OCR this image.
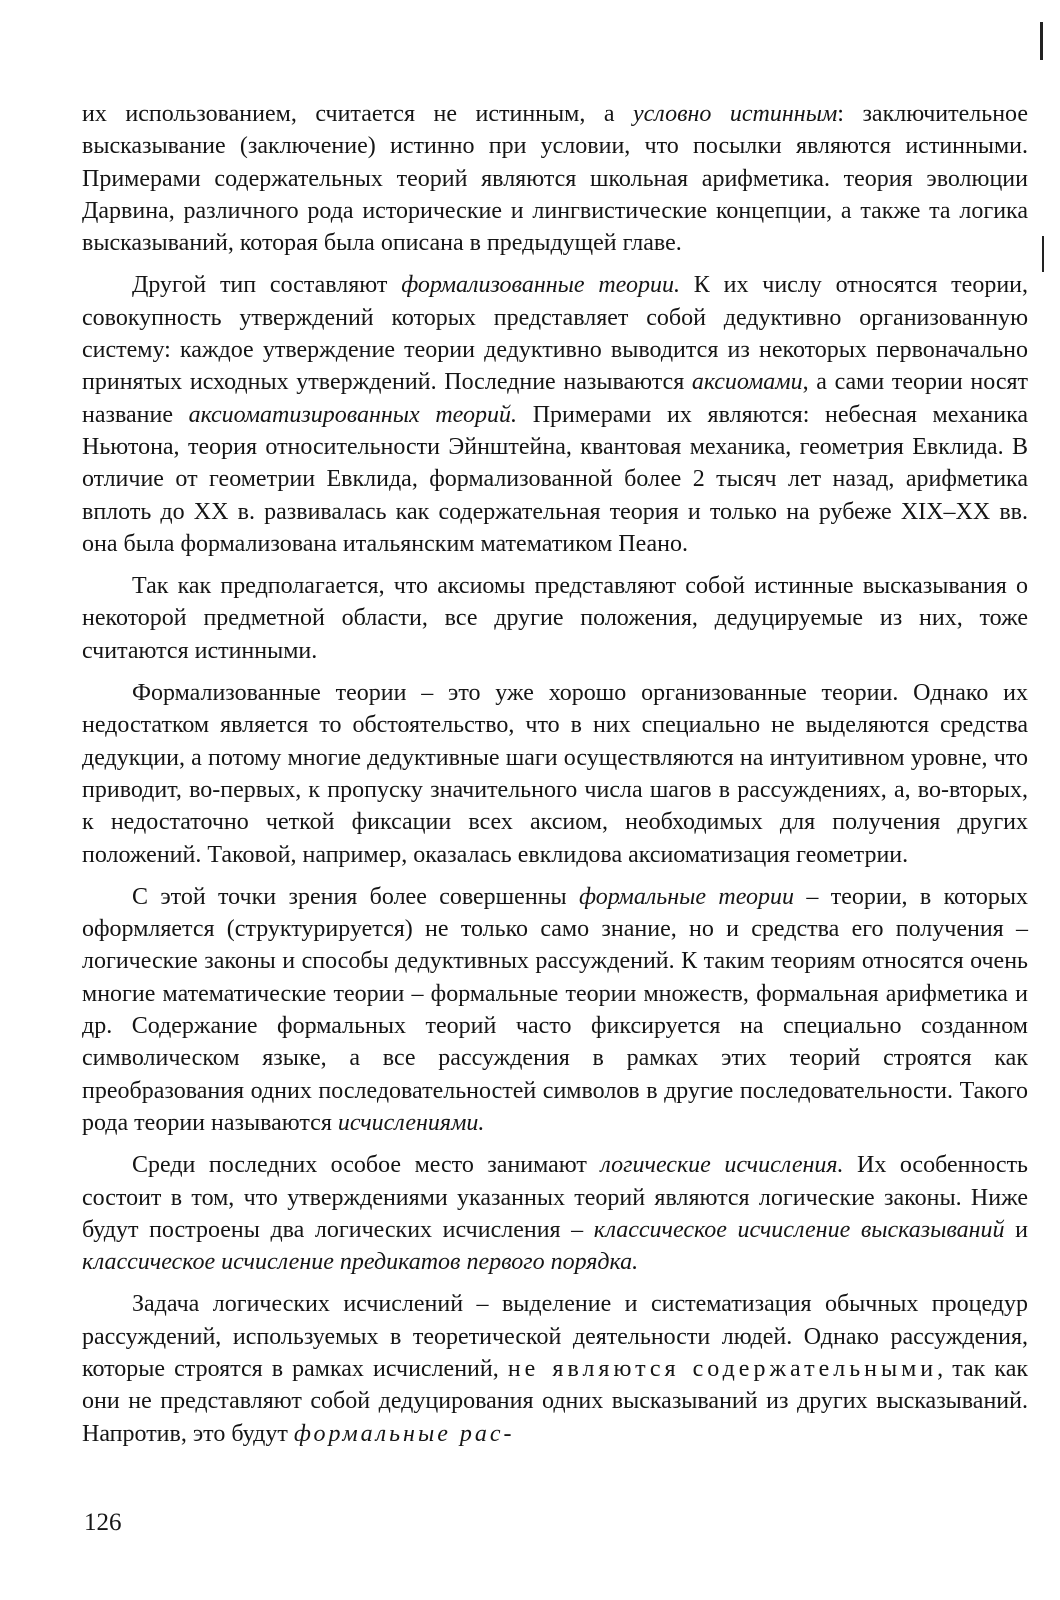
их использованием, считается не истинным, а условно истинным: заключительное высказывание (заключение) истинно при условии, что посылки являются истинными. Примерами содержательных теорий являются школьная арифметика. теория эволюции Дарвина, различного рода исторические и лингвистические концепции, а также та логика высказываний, которая была описана в предыдущей главе.

Другой тип составляют формализованные теории. К их числу относятся теории, совокупность утверждений которых представляет собой дедуктивно организованную систему: каждое утверждение теории дедуктивно выводится из некоторых первоначально принятых исходных утверждений. Последние называются аксиомами, а сами теории носят название аксиоматизированных теорий. Примерами их являются: небесная механика Ньютона, теория относительности Эйнштейна, квантовая механика, геометрия Евклида. В отличие от геометрии Евклида, формализованной более 2 тысяч лет назад, арифметика вплоть до XX в. развивалась как содержательная теория и только на рубеже XIX–XX вв. она была формализована итальянским математиком Пеано.

Так как предполагается, что аксиомы представляют собой истинные высказывания о некоторой предметной области, все другие положения, дедуцируемые из них, тоже считаются истинными.

Формализованные теории – это уже хорошо организованные теории. Однако их недостатком является то обстоятельство, что в них специально не выделяются средства дедукции, а потому многие дедуктивные шаги осуществляются на интуитивном уровне, что приводит, во-первых, к пропуску значительного числа шагов в рассуждениях, а, во-вторых, к недостаточно четкой фиксации всех аксиом, необходимых для получения других положений. Таковой, например, оказалась евклидова аксиоматизация геометрии.

С этой точки зрения более совершенны формальные теории – теории, в которых оформляется (структурируется) не только само знание, но и средства его получения – логические законы и способы дедуктивных рассуждений. К таким теориям относятся очень многие математические теории – формальные теории множеств, формальная арифметика и др. Содержание формальных теорий часто фиксируется на специально созданном символическом языке, а все рассуждения в рамках этих теорий строятся как преобразования одних последовательностей символов в другие последовательности. Такого рода теории называются исчислениями.

Среди последних особое место занимают логические исчисления. Их особенность состоит в том, что утверждениями указанных теорий являются логические законы. Ниже будут построены два логических исчисления – классическое исчисление высказываний и классическое исчисление предикатов первого порядка.

Задача логических исчислений – выделение и систематизация обычных процедур рассуждений, используемых в теоретической деятельности людей. Однако рассуждения, которые строятся в рамках исчислений, не являются содержательными, так как они не представляют собой дедуцирования одних высказываний из других высказываний. Напротив, это будут формальные рас-

126
